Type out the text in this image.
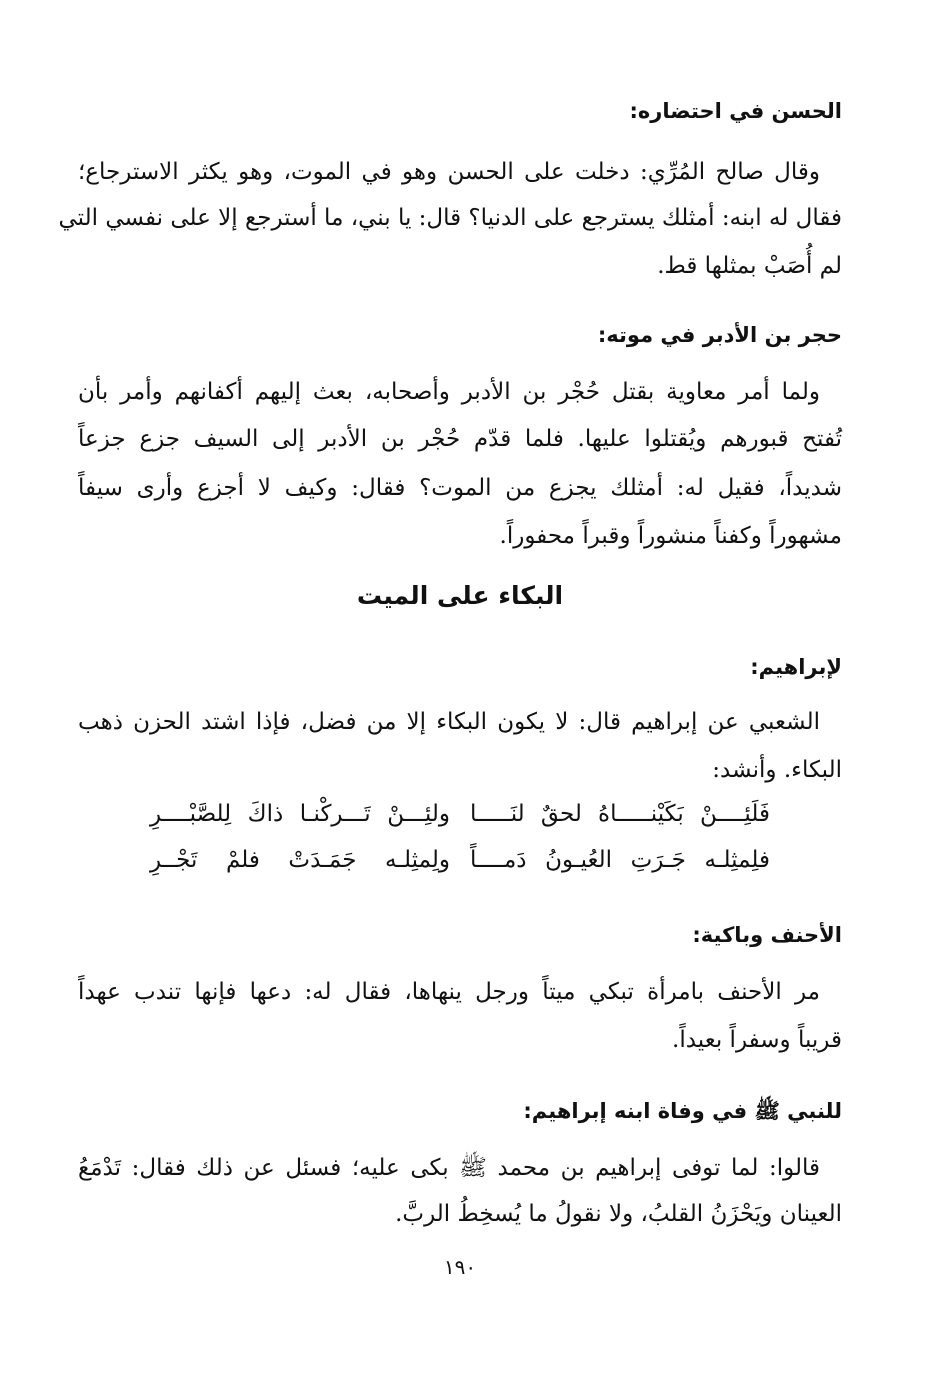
الحسن في احتضاره:
وقال صالح المُرِّي: دخلت على الحسن وهو في الموت، وهو يكثر الاسترجاع؛
فقال له ابنه: أمثلك يسترجع على الدنيا؟ قال: يا بني، ما أسترجع إلا على نفسي التي
لم أُصَبْ بمثلها قط.
حجر بن الأدبر في موته:
ولما أمر معاوية بقتل حُجْر بن الأدبر وأصحابه، بعث إليهم أكفانهم وأمر بأن
تُفتح قبورهم ويُقتلوا عليها. فلما قدّم حُجْر بن الأدبر إلى السيف جزع جزعاً
شديداً، فقيل له: أمثلك يجزع من الموت؟ فقال: وكيف لا أجزع وأرى سيفاً
مشهوراً وكفناً منشوراً وقبراً محفوراً.
البكاء على الميت
لإبراهيم:
الشعبي عن إبراهيم قال: لا يكون البكاء إلا من فضل، فإذا اشتد الحزن ذهب
البكاء. وأنشد:
فَلَئِــــنْ بَكَيْنـــــاهُ لحقٌ لنَـــــا
ولئِـــنْ تَـــركْنـا ذاكَ لِلصَّبْــــرِ
فلِمثِلـه جَـرَتِ العُيـونُ دَمــــاً
ولِمثِلـه جَمَـدَتْ فلمْ تَجْــرِ
الأحنف وباكية:
مر الأحنف بامرأة تبكي ميتاً ورجل ينهاها، فقال له: دعها فإنها تندب عهداً
قريباً وسفراً بعيداً.
للنبي ﷺ في وفاة ابنه إبراهيم:
قالوا: لما توفى إبراهيم بن محمد ﷺ بكى عليه؛ فسئل عن ذلك فقال: تَدْمَعُ
العينان ويَحْزَنُ القلبُ، ولا نقولُ ما يُسخِطُ الربَّ.
١٩٠
